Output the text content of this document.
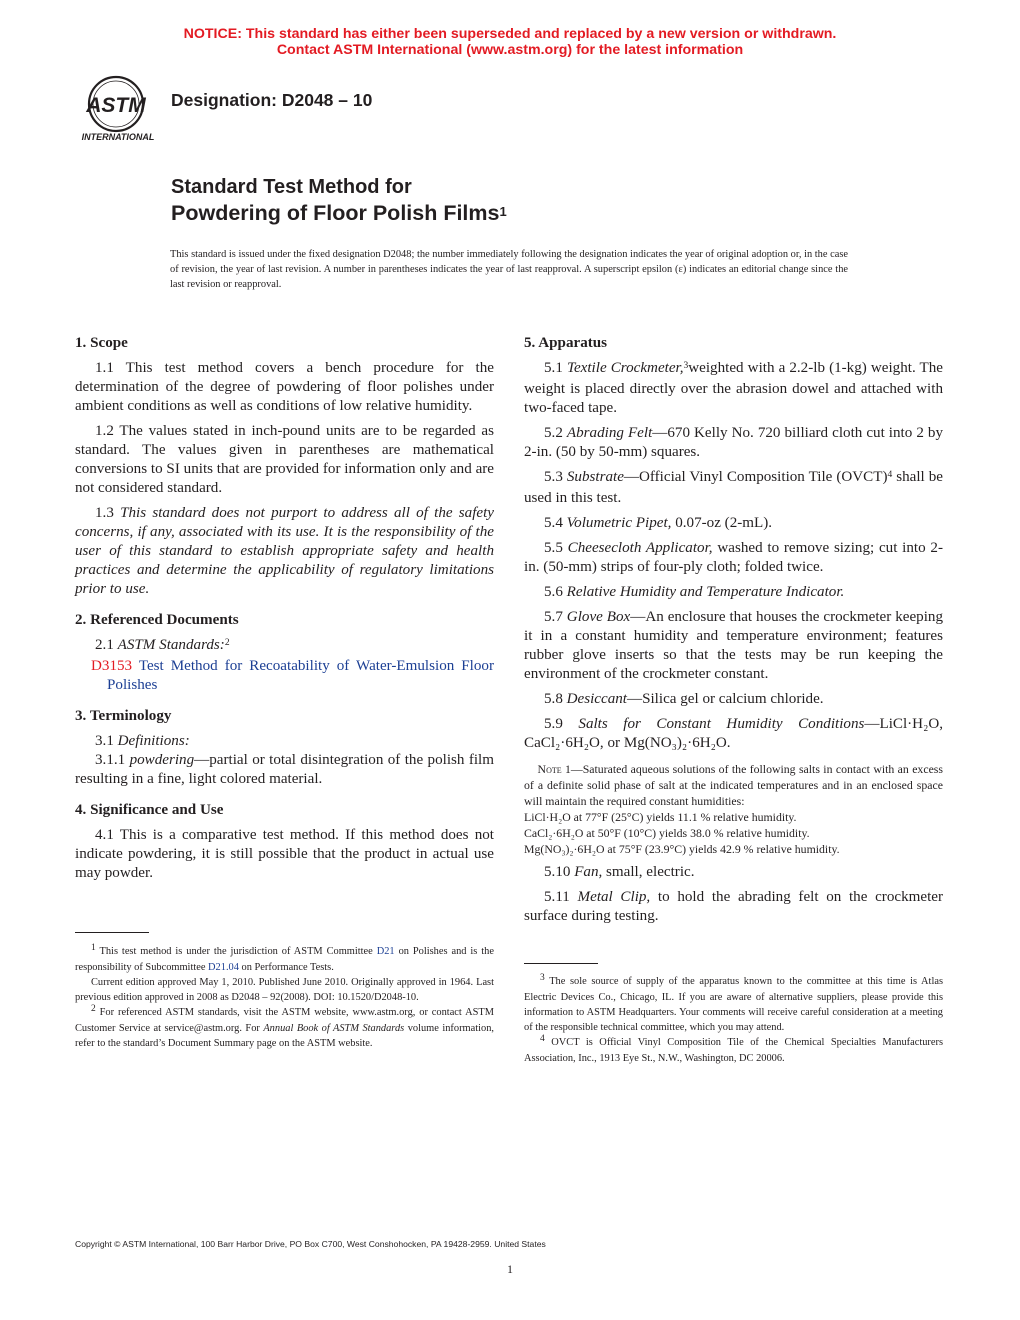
NOTICE: This standard has either been superseded and replaced by a new version or withdrawn.
Contact ASTM International (www.astm.org) for the latest information
ASTM
INTERNATIONAL
Designation: D2048 – 10
Standard Test Method for
Powdering of Floor Polish Films$^1$
This standard is issued under the fixed designation D2048; the number immediately following the designation indicates the year of original adoption or, in the case of revision, the year of last revision. A number in parentheses indicates the year of last reapproval. A superscript epsilon (ε) indicates an editorial change since the last revision or reapproval.
1. Scope

1.1 This test method covers a bench procedure for the determination of the degree of powdering of floor polishes under ambient conditions as well as conditions of low relative humidity.

1.2 The values stated in inch-pound units are to be regarded as standard. The values given in parentheses are mathematical conversions to SI units that are provided for information only and are not considered standard.

1.3 This standard does not purport to address all of the safety concerns, if any, associated with its use. It is the responsibility of the user of this standard to establish appropriate safety and health practices and determine the applicability of regulatory limitations prior to use.

2. Referenced Documents

2.1 ASTM Standards:$^2$

D3153 Test Method for Recoatability of Water-Emulsion Floor Polishes

3. Terminology

3.1 Definitions:

3.1.1 powdering—partial or total disintegration of the polish film resulting in a fine, light colored material.

4. Significance and Use

4.1 This is a comparative test method. If this method does not indicate powdering, it is still possible that the product in actual use may powder.

$^1$ This test method is under the jurisdiction of ASTM Committee D21 on Polishes and is the responsibility of Subcommittee D21.04 on Performance Tests.

Current edition approved May 1, 2010. Published June 2010. Originally approved in 1964. Last previous edition approved in 2008 as D2048 – 92(2008). DOI: 10.1520/D2048-10.

$^2$ For referenced ASTM standards, visit the ASTM website, www.astm.org, or contact ASTM Customer Service at service@astm.org. For Annual Book of ASTM Standards volume information, refer to the standard’s Document Summary page on the ASTM website.

5. Apparatus

5.1 Textile Crockmeter,$^3$weighted with a 2.2-lb (1-kg) weight. The weight is placed directly over the abrasion dowel and attached with two-faced tape.

5.2 Abrading Felt—670 Kelly No. 720 billiard cloth cut into 2 by 2-in. (50 by 50-mm) squares.

5.3 Substrate—Official Vinyl Composition Tile (OVCT)$^4$ shall be used in this test.

5.4 Volumetric Pipet, 0.07-oz (2-mL).

5.5 Cheesecloth Applicator, washed to remove sizing; cut into 2-in. (50-mm) strips of four-ply cloth; folded twice.

5.6 Relative Humidity and Temperature Indicator.

5.7 Glove Box—An enclosure that houses the crockmeter keeping it in a constant humidity and temperature environment; features rubber glove inserts so that the tests may be run keeping the environment of the crockmeter constant.

5.8 Desiccant—Silica gel or calcium chloride.

5.9 Salts for Constant Humidity Conditions—LiCl·H₂O, CaCl₂·6H₂O, or Mg(NO₃)₂·6H₂O.

Note 1—Saturated aqueous solutions of the following salts in contact with an excess of a definite solid phase of salt at the indicated temperatures and in an enclosed space will maintain the required constant humidities:

LiCl·H₂O at 77°F (25°C) yields 11.1 % relative humidity.

CaCl₂·6H₂O at 50°F (10°C) yields 38.0 % relative humidity.

Mg(NO₃)₂·6H₂O at 75°F (23.9°C) yields 42.9 % relative humidity.

5.10 Fan, small, electric.

5.11 Metal Clip, to hold the abrading felt on the crockmeter surface during testing.

$^3$ The sole source of supply of the apparatus known to the committee at this time is Atlas Electric Devices Co., Chicago, IL. If you are aware of alternative suppliers, please provide this information to ASTM Headquarters. Your comments will receive careful consideration at a meeting of the responsible technical committee, which you may attend.

$^4$ OVCT is Official Vinyl Composition Tile of the Chemical Specialties Manufacturers Association, Inc., 1913 Eye St., N.W., Washington, DC 20006.

Copyright © ASTM International, 100 Barr Harbor Drive, PO Box C700, West Conshohocken, PA 19428-2959. United States
1
